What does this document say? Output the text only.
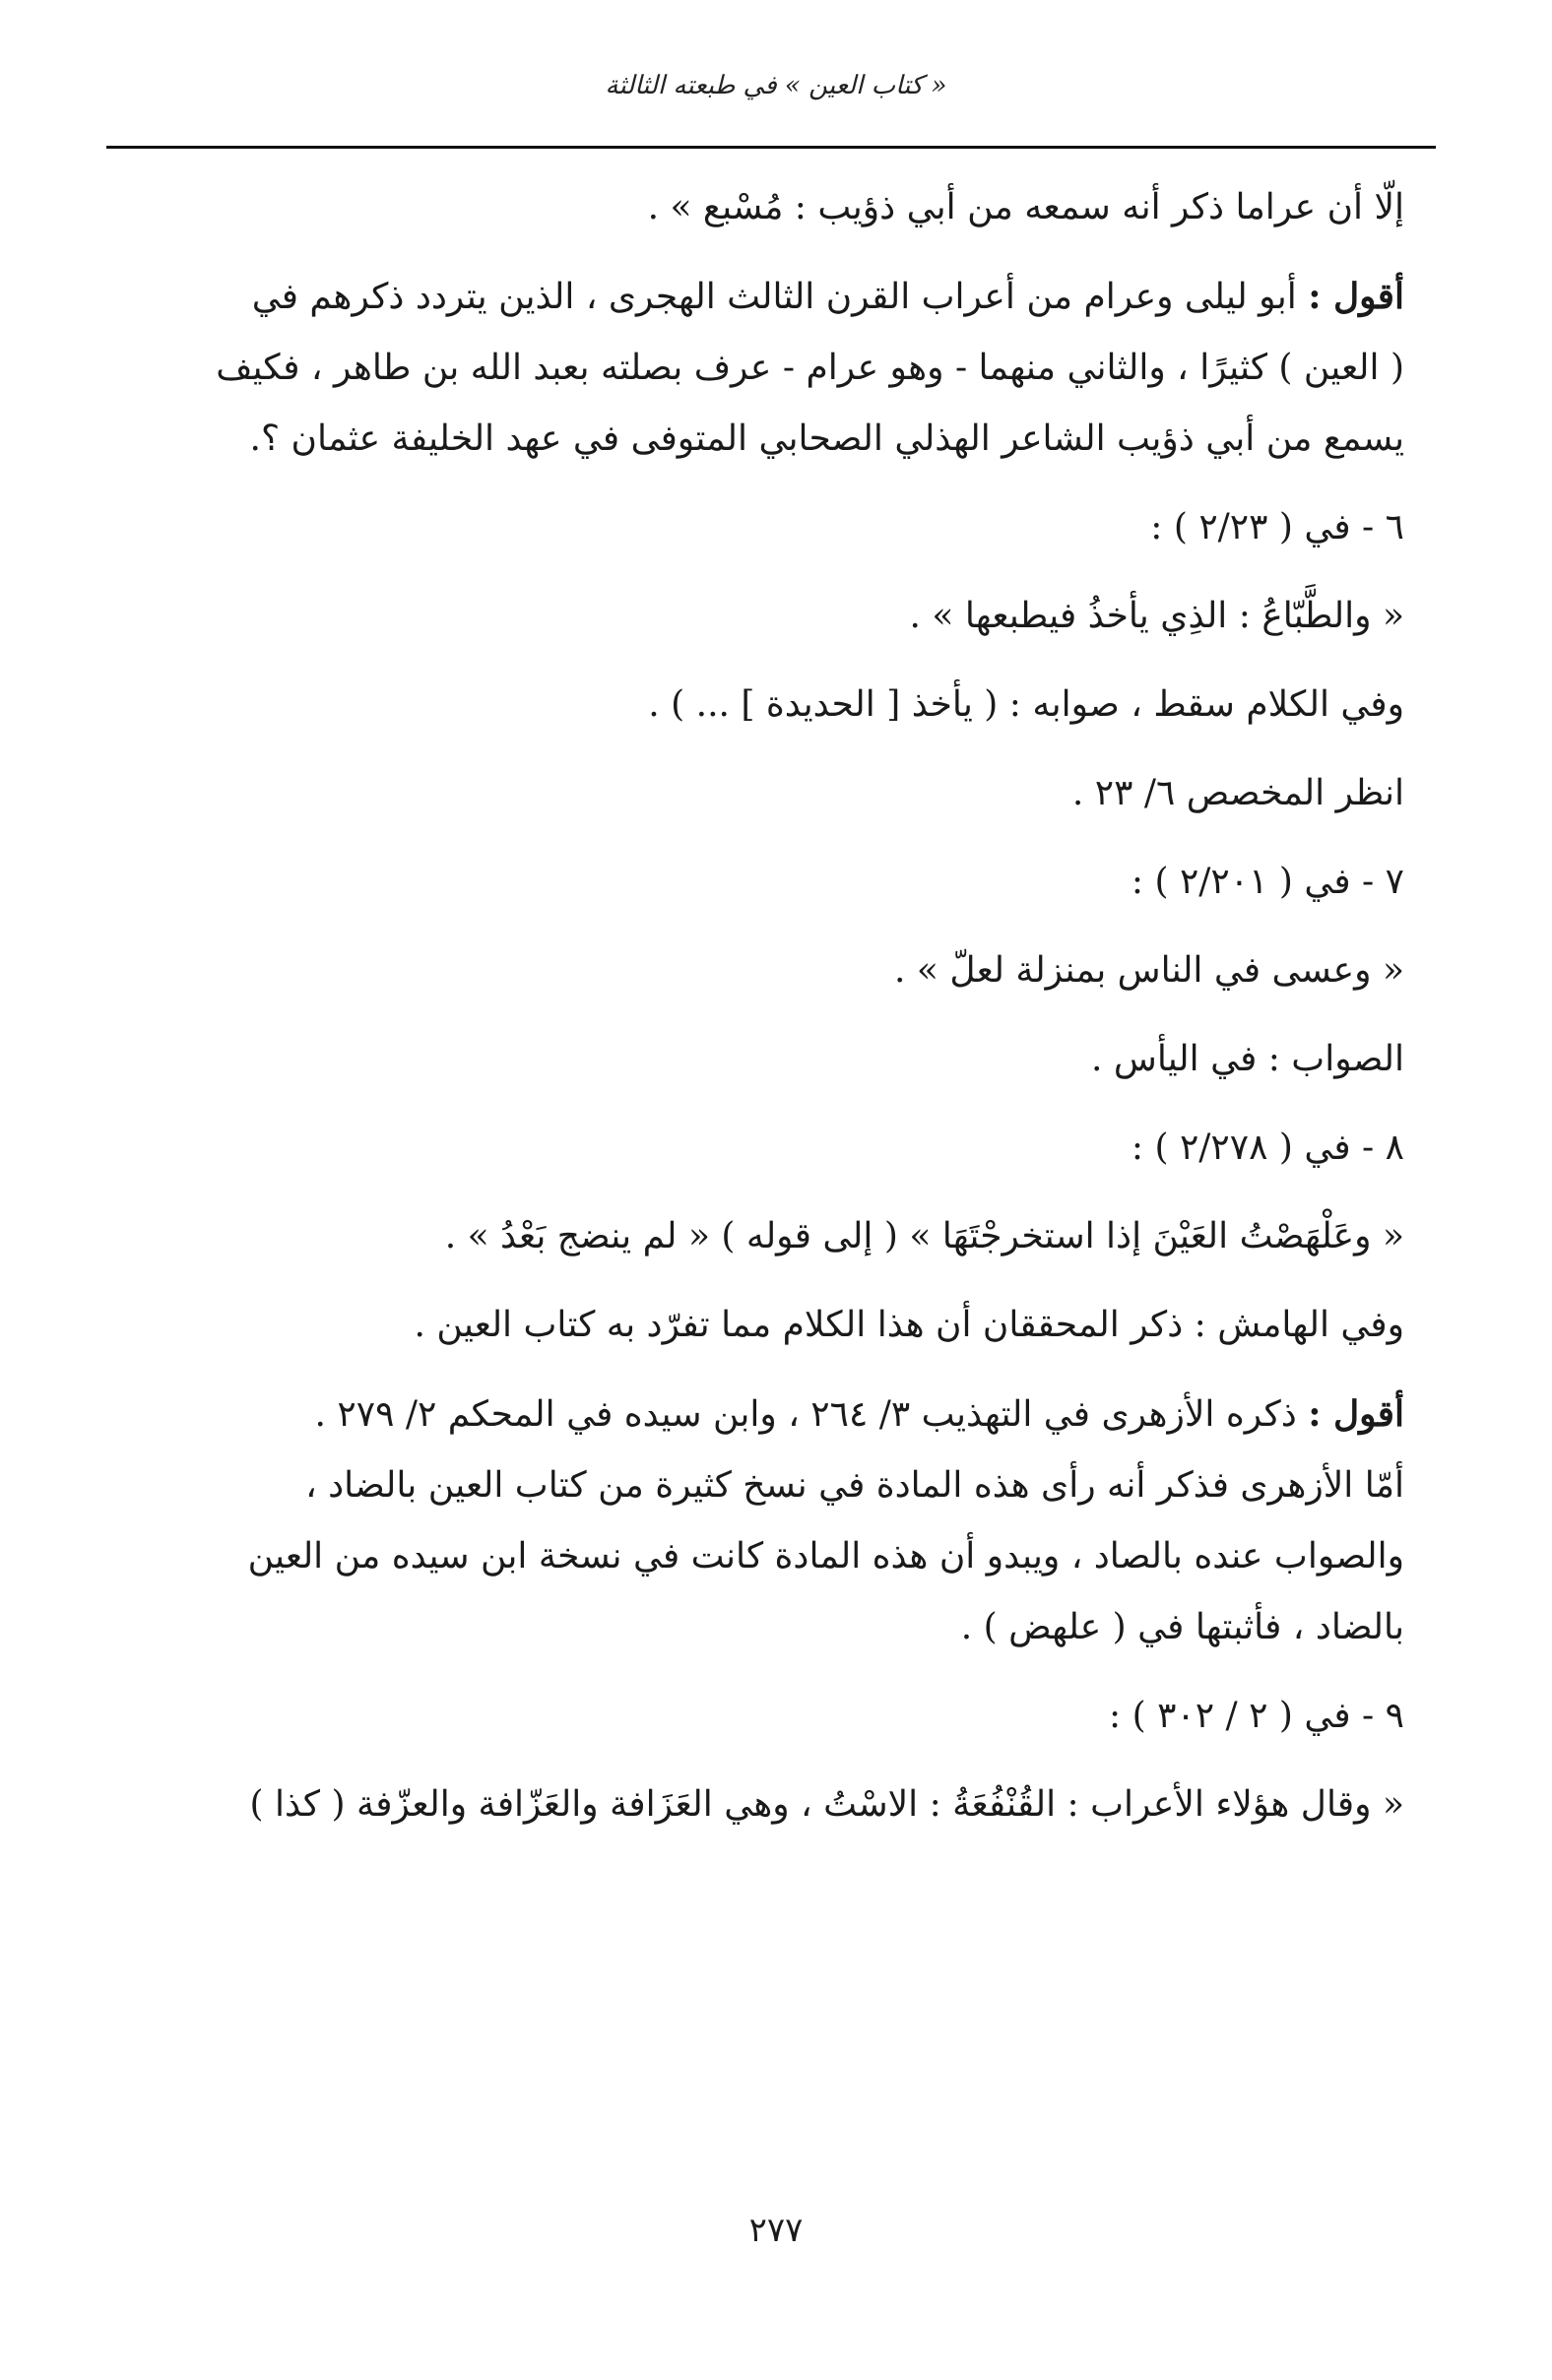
« كتاب العين » في طبعته الثالثة

إلّا أن عراما ذكر أنه سمعه من أبي ذؤيب : مُسْبع » .

أقول : أبو ليلى وعرام من أعراب القرن الثالث الهجرى ، الذين يتردد ذكرهم في
( العين ) كثيرًا ، والثاني منهما - وهو عرام - عرف بصلته بعبد الله بن طاهر ، فكيف
يسمع من أبي ذؤيب الشاعر الهذلي الصحابي المتوفى في عهد الخليفة عثمان ؟.

٦ - في ( ٢/٢٣ ) :

« والطَّبّاعُ : الذِي يأخذُ فيطبعها » .

وفي الكلام سقط ، صوابه : ( يأخذ [ الحديدة ] ... ) .

انظر المخصص ٦/ ٢٣ .

٧ - في ( ٢/٢٠١ ) :

« وعسى في الناس بمنزلة لعلّ » .

الصواب : في اليأس .

٨ - في ( ٢/٢٧٨ ) :

« وعَلْهَصْتُ العَيْنَ إذا استخرجْتَهَا » ( إلى قوله ) « لم ينضج بَعْدُ » .

وفي الهامش : ذكر المحققان أن هذا الكلام مما تفرّد به كتاب العين .

أقول : ذكره الأزهرى في التهذيب ٣/ ٢٦٤ ، وابن سيده في المحكم ٢/ ٢٧٩ .
أمّا الأزهرى فذكر أنه رأى هذه المادة في نسخ كثيرة من كتاب العين بالضاد ،
والصواب عنده بالصاد ، ويبدو أن هذه المادة كانت في نسخة ابن سيده من العين
بالضاد ، فأثبتها في ( علهض ) .

٩ - في ( ٢ / ٣٠٢ ) :

« وقال هؤلاء الأعراب : القُنْفُعَةُ : الاسْتُ ، وهي العَزَافة والعَزّافة والعزّفة ( كذا )

٢٧٧
